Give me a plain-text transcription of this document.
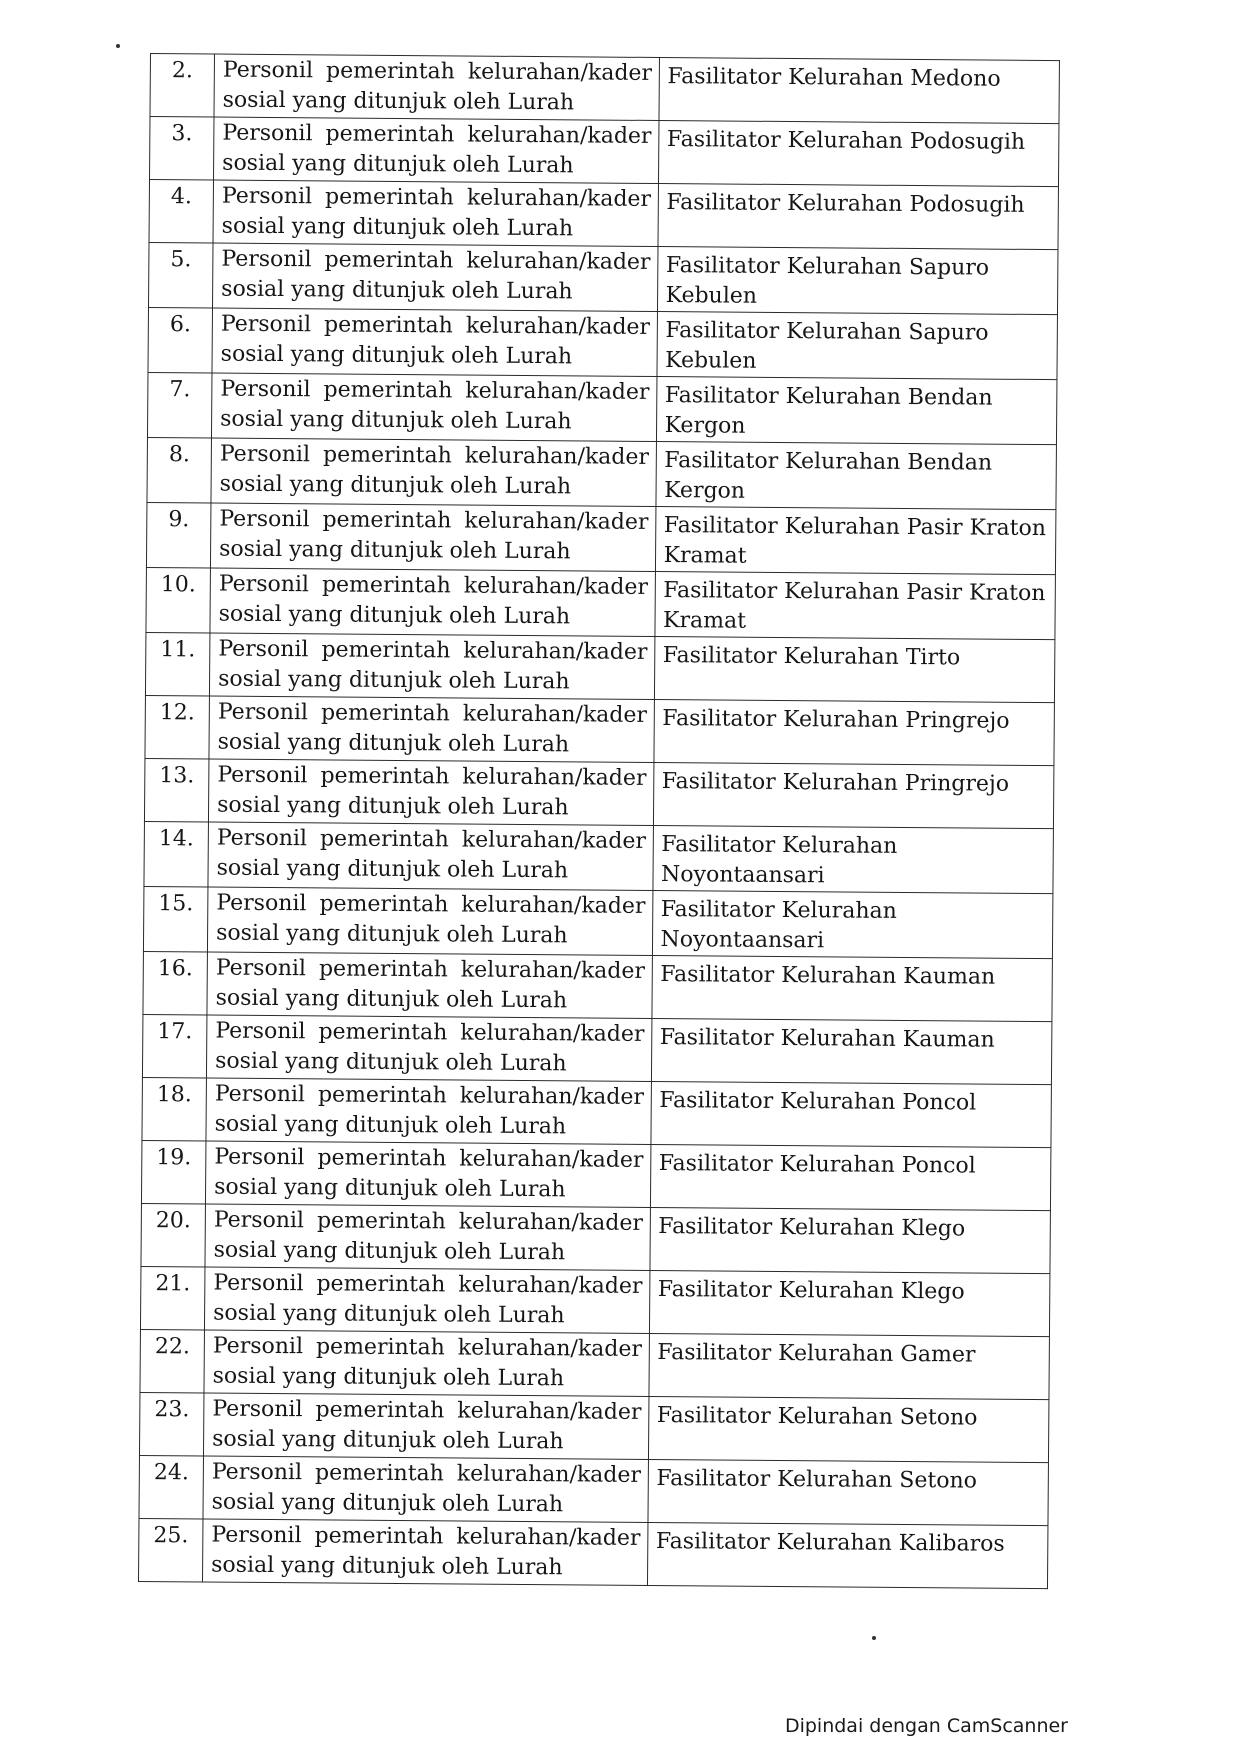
2.	Personil pemerintah kelurahan/kader
sosial yang ditunjuk oleh Lurah	Fasilitator Kelurahan Medono
3.	Personil pemerintah kelurahan/kader
sosial yang ditunjuk oleh Lurah	Fasilitator Kelurahan Podosugih
4.	Personil pemerintah kelurahan/kader
sosial yang ditunjuk oleh Lurah	Fasilitator Kelurahan Podosugih
5.	Personil pemerintah kelurahan/kader
sosial yang ditunjuk oleh Lurah	Fasilitator Kelurahan Sapuro Kebulen
6.	Personil pemerintah kelurahan/kader
sosial yang ditunjuk oleh Lurah	Fasilitator Kelurahan Sapuro Kebulen
7.	Personil pemerintah kelurahan/kader
sosial yang ditunjuk oleh Lurah	Fasilitator Kelurahan Bendan Kergon
8.	Personil pemerintah kelurahan/kader
sosial yang ditunjuk oleh Lurah	Fasilitator Kelurahan Bendan Kergon
9.	Personil pemerintah kelurahan/kader
sosial yang ditunjuk oleh Lurah	Fasilitator Kelurahan Pasir Kraton Kramat
10.	Personil pemerintah kelurahan/kader
sosial yang ditunjuk oleh Lurah	Fasilitator Kelurahan Pasir Kraton Kramat
11.	Personil pemerintah kelurahan/kader
sosial yang ditunjuk oleh Lurah	Fasilitator Kelurahan Tirto
12.	Personil pemerintah kelurahan/kader
sosial yang ditunjuk oleh Lurah	Fasilitator Kelurahan Pringrejo
13.	Personil pemerintah kelurahan/kader
sosial yang ditunjuk oleh Lurah	Fasilitator Kelurahan Pringrejo
14.	Personil pemerintah kelurahan/kader
sosial yang ditunjuk oleh Lurah	Fasilitator Kelurahan Noyontaansari
15.	Personil pemerintah kelurahan/kader
sosial yang ditunjuk oleh Lurah	Fasilitator Kelurahan Noyontaansari
16.	Personil pemerintah kelurahan/kader
sosial yang ditunjuk oleh Lurah	Fasilitator Kelurahan Kauman
17.	Personil pemerintah kelurahan/kader
sosial yang ditunjuk oleh Lurah	Fasilitator Kelurahan Kauman
18.	Personil pemerintah kelurahan/kader
sosial yang ditunjuk oleh Lurah	Fasilitator Kelurahan Poncol
19.	Personil pemerintah kelurahan/kader
sosial yang ditunjuk oleh Lurah	Fasilitator Kelurahan Poncol
20.	Personil pemerintah kelurahan/kader
sosial yang ditunjuk oleh Lurah	Fasilitator Kelurahan Klego
21.	Personil pemerintah kelurahan/kader
sosial yang ditunjuk oleh Lurah	Fasilitator Kelurahan Klego
22.	Personil pemerintah kelurahan/kader
sosial yang ditunjuk oleh Lurah	Fasilitator Kelurahan Gamer
23.	Personil pemerintah kelurahan/kader
sosial yang ditunjuk oleh Lurah	Fasilitator Kelurahan Setono
24.	Personil pemerintah kelurahan/kader
sosial yang ditunjuk oleh Lurah	Fasilitator Kelurahan Setono
25.	Personil pemerintah kelurahan/kader
sosial yang ditunjuk oleh Lurah	Fasilitator Kelurahan Kalibaros
Dipindai dengan CamScanner
